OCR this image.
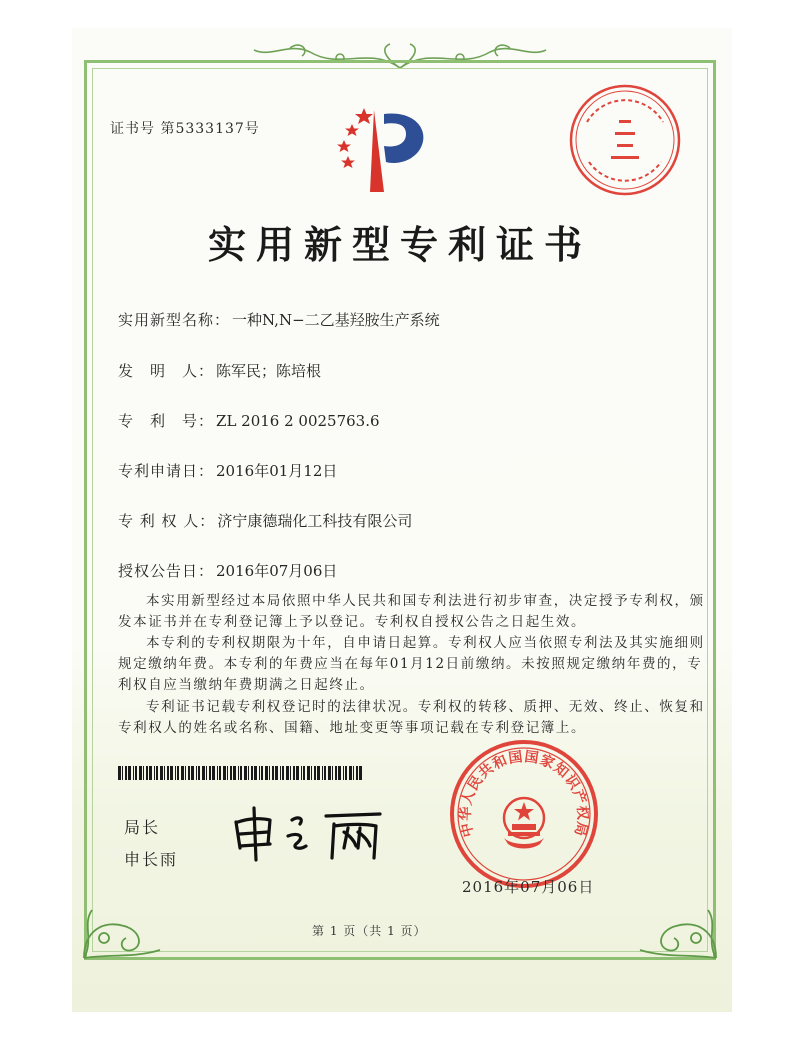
证书号 第5333137号
实用新型专利证书
实用新型名称： 一种N,N−二乙基羟胺生产系统
发　明　人： 陈军民；陈培根
专　利　号： ZL 2016 2 0025763.6
专利申请日： 2016年01月12日
专 利 权 人： 济宁康德瑞化工科技有限公司
授权公告日： 2016年07月06日
本实用新型经过本局依照中华人民共和国专利法进行初步审查，决定授予专利权，颁
发本证书并在专利登记簿上予以登记。专利权自授权公告之日起生效。
本专利的专利权期限为十年，自申请日起算。专利权人应当依照专利法及其实施细则
规定缴纳年费。本专利的年费应当在每年01月12日前缴纳。未按照规定缴纳年费的，专
利权自应当缴纳年费期满之日起终止。
专利证书记载专利权登记时的法律状况。专利权的转移、质押、无效、终止、恢复和
专利权人的姓名或名称、国籍、地址变更等事项记载在专利登记簿上。
局长
申长雨
中华人民共和国国家知识产权局
2016年07月06日
第 1 页（共 1 页）
